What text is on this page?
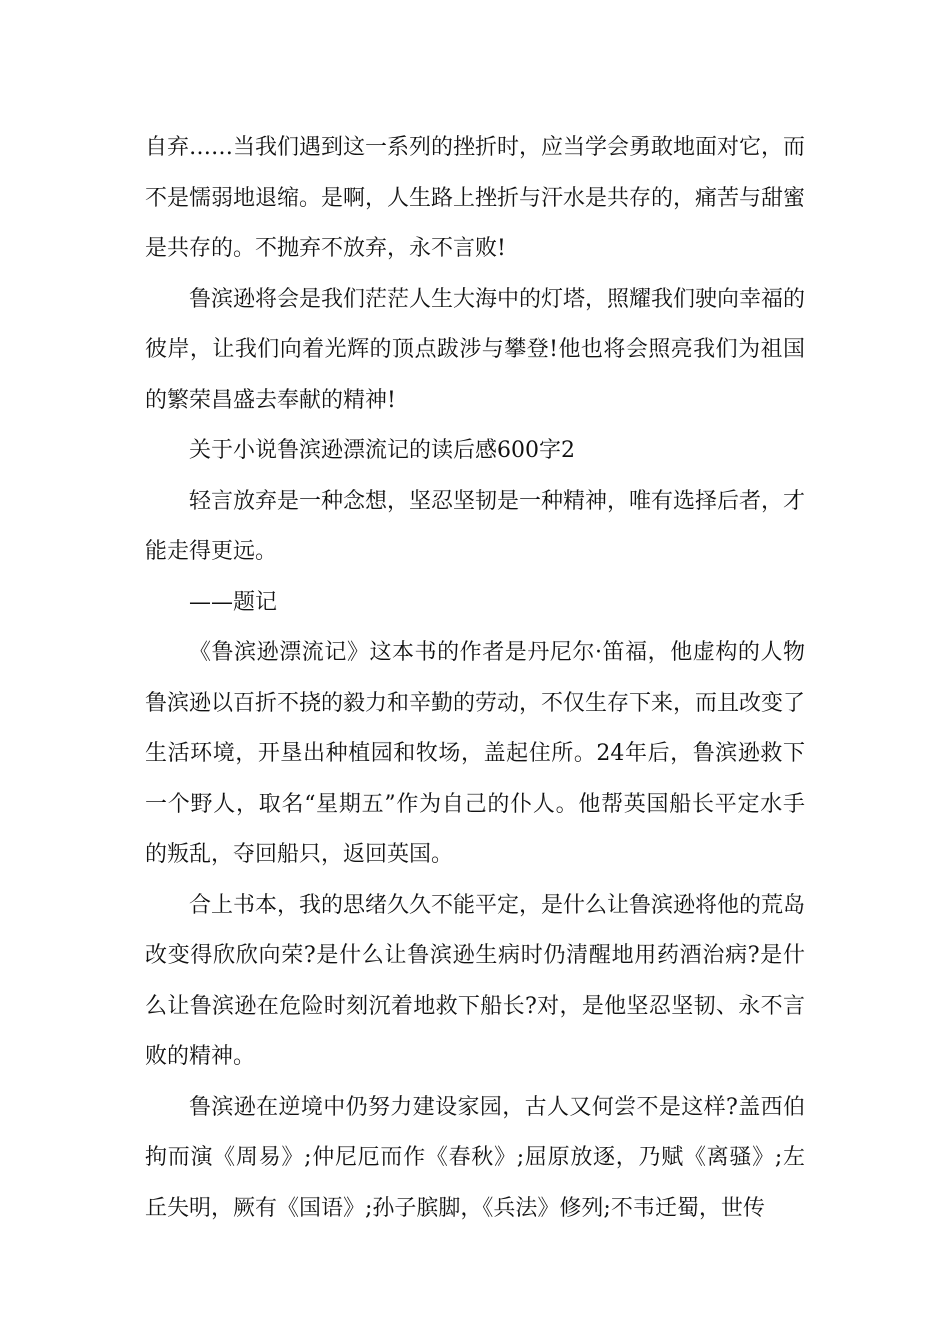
自弃……当我们遇到这一系列的挫折时，应当学会勇敢地面对它，而不是懦弱地退缩。是啊，人生路上挫折与汗水是共存的，痛苦与甜蜜是共存的。不抛弃不放弃，永不言败!

鲁滨逊将会是我们茫茫人生大海中的灯塔，照耀我们驶向幸福的彼岸，让我们向着光辉的顶点跋涉与攀登!他也将会照亮我们为祖国的繁荣昌盛去奉献的精神!

关于小说鲁滨逊漂流记的读后感600字2

轻言放弃是一种念想，坚忍坚韧是一种精神，唯有选择后者，才能走得更远。

——题记

《鲁滨逊漂流记》这本书的作者是丹尼尔·笛福，他虚构的人物鲁滨逊以百折不挠的毅力和辛勤的劳动，不仅生存下来，而且改变了生活环境，开垦出种植园和牧场，盖起住所。24年后，鲁滨逊救下一个野人，取名“星期五”作为自己的仆人。他帮英国船长平定水手的叛乱，夺回船只，返回英国。

合上书本，我的思绪久久不能平定，是什么让鲁滨逊将他的荒岛改变得欣欣向荣?是什么让鲁滨逊生病时仍清醒地用药酒治病?是什么让鲁滨逊在危险时刻沉着地救下船长?对，是他坚忍坚韧、永不言败的精神。

鲁滨逊在逆境中仍努力建设家园，古人又何尝不是这样?盖西伯拘而演《周易》;仲尼厄而作《春秋》;屈原放逐，乃赋《离骚》;左丘失明，厥有《国语》;孙子膑脚，《兵法》修列;不韦迁蜀，世传
